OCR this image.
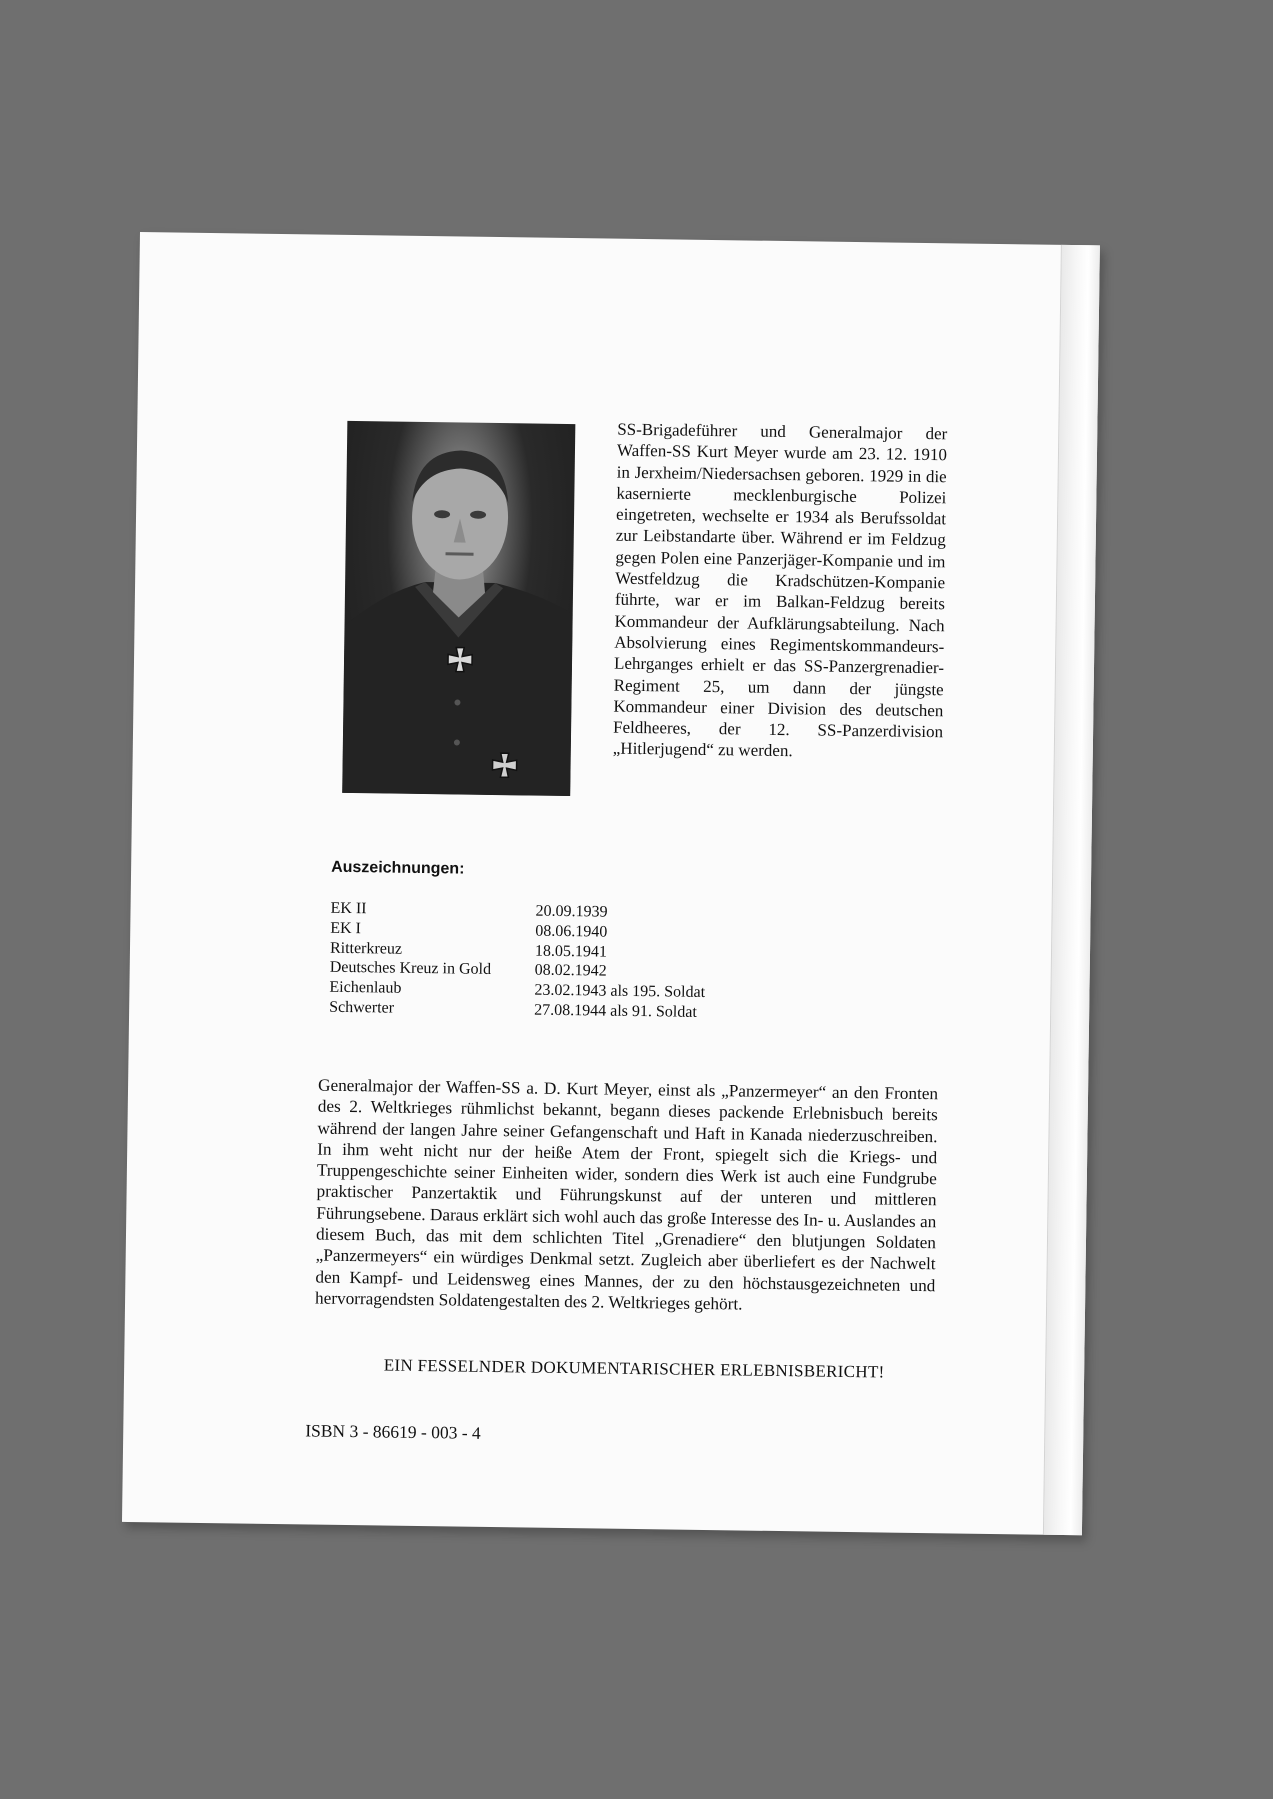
SS-Brigadeführer und Generalmajor der Waffen-SS Kurt Meyer wurde am 23. 12. 1910 in Jerxheim/Niedersachsen geboren. 1929 in die kasernierte mecklenburgische Polizei eingetreten, wechselte er 1934 als Berufssoldat zur Leibstandarte über. Während er im Feldzug gegen Polen eine Panzerjäger-Kompanie und im Westfeldzug die Kradschützen-Kompanie führte, war er im Balkan-Feldzug bereits Kommandeur der Aufklärungsabteilung. Nach Absolvierung eines Regimentskommandeurs-Lehrganges erhielt er das SS-Panzergrenadier-Regiment 25, um dann der jüngste Kommandeur einer Division des deutschen Feldheeres, der 12. SS-Panzerdivision „Hitlerjugend“ zu werden.
Auszeichnungen:
EK II	20.09.1939
EK I	08.06.1940
Ritterkreuz	18.05.1941
Deutsches Kreuz in Gold	08.02.1942
Eichenlaub	23.02.1943 als 195. Soldat
Schwerter	27.08.1944 als 91. Soldat
Generalmajor der Waffen-SS a. D. Kurt Meyer, einst als „Panzermeyer“ an den Fronten des 2. Weltkrieges rühmlichst bekannt, begann dieses packende Erlebnisbuch bereits während der langen Jahre seiner Gefangenschaft und Haft in Kanada niederzuschreiben. In ihm weht nicht nur der heiße Atem der Front, spiegelt sich die Kriegs- und Truppengeschichte seiner Einheiten wider, sondern dies Werk ist auch eine Fundgrube praktischer Panzertaktik und Führungskunst auf der unteren und mittleren Führungsebene. Daraus erklärt sich wohl auch das große Interesse des In- u. Auslandes an diesem Buch, das mit dem schlichten Titel „Grenadiere“ den blutjungen Soldaten „Panzermeyers“ ein würdiges Denkmal setzt. Zugleich aber überliefert es der Nachwelt den Kampf- und Leidensweg eines Mannes, der zu den höchstausgezeichneten und hervorragendsten Soldatengestalten des 2. Weltkrieges gehört.
EIN FESSELNDER DOKUMENTARISCHER ERLEBNISBERICHT!
ISBN 3 - 86619 - 003 - 4
